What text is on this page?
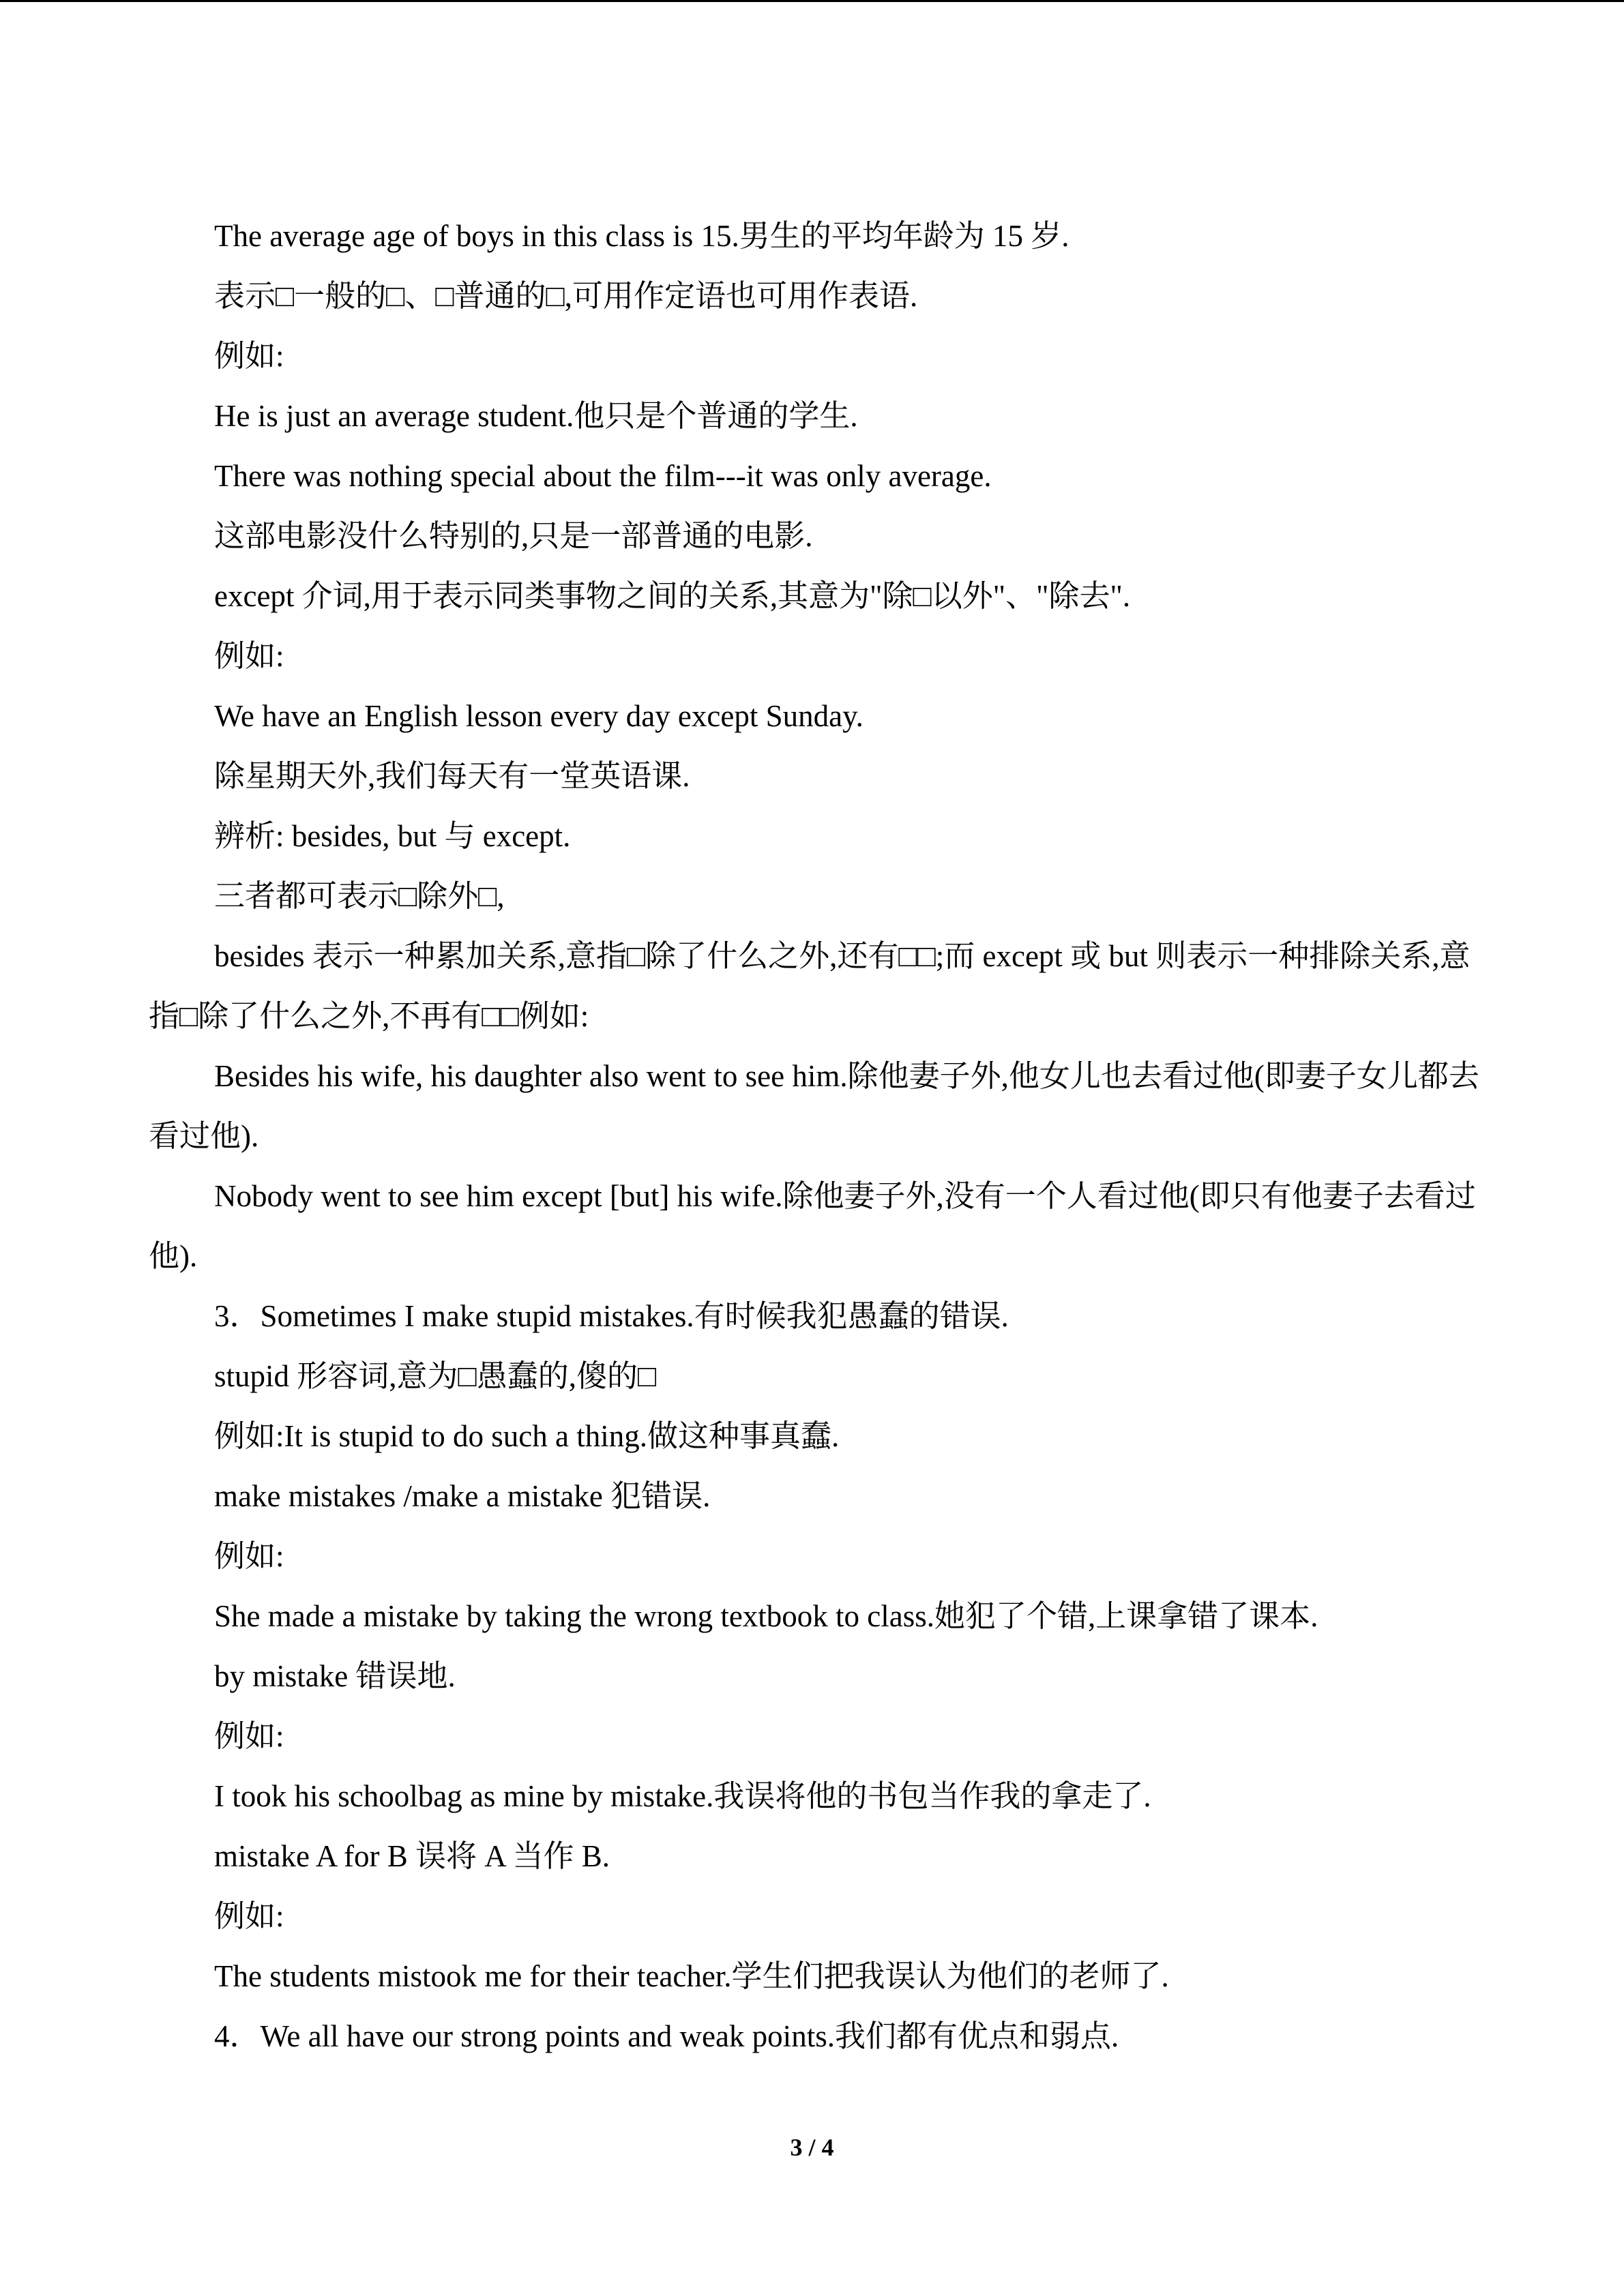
The average age of boys in this class is 15.男生的平均年龄为 15 岁.

表示□一般的□、□普通的□,可用作定语也可用作表语.

例如:

He is just an average student.他只是个普通的学生.

There was nothing special about the film---it was only average.

这部电影没什么特别的,只是一部普通的电影.

except 介词,用于表示同类事物之间的关系,其意为"除□以外"、"除去".

例如:

We have an English lesson every day except Sunday.

除星期天外,我们每天有一堂英语课.

辨析: besides, but 与 except.

三者都可表示□除外□,

besides 表示一种累加关系,意指□除了什么之外,还有□□;而 except 或 but 则表示一种排除关系,意指□除了什么之外,不再有□□例如:

Besides his wife, his daughter also went to see him.除他妻子外,他女儿也去看过他(即妻子女儿都去看过他).

Nobody went to see him except [but] his wife.除他妻子外,没有一个人看过他(即只有他妻子去看过他).

3．Sometimes I make stupid mistakes.有时候我犯愚蠢的错误.

stupid 形容词,意为□愚蠢的,傻的□

例如:It is stupid to do such a thing.做这种事真蠢.

make mistakes /make a mistake 犯错误.

例如:

She made a mistake by taking the wrong textbook to class.她犯了个错,上课拿错了课本.

by mistake 错误地.

例如:

I took his schoolbag as mine by mistake.我误将他的书包当作我的拿走了.

mistake A for B 误将 A 当作 B.

例如:

The students mistook me for their teacher.学生们把我误认为他们的老师了.

4．We all have our strong points and weak points.我们都有优点和弱点.

3 / 4
